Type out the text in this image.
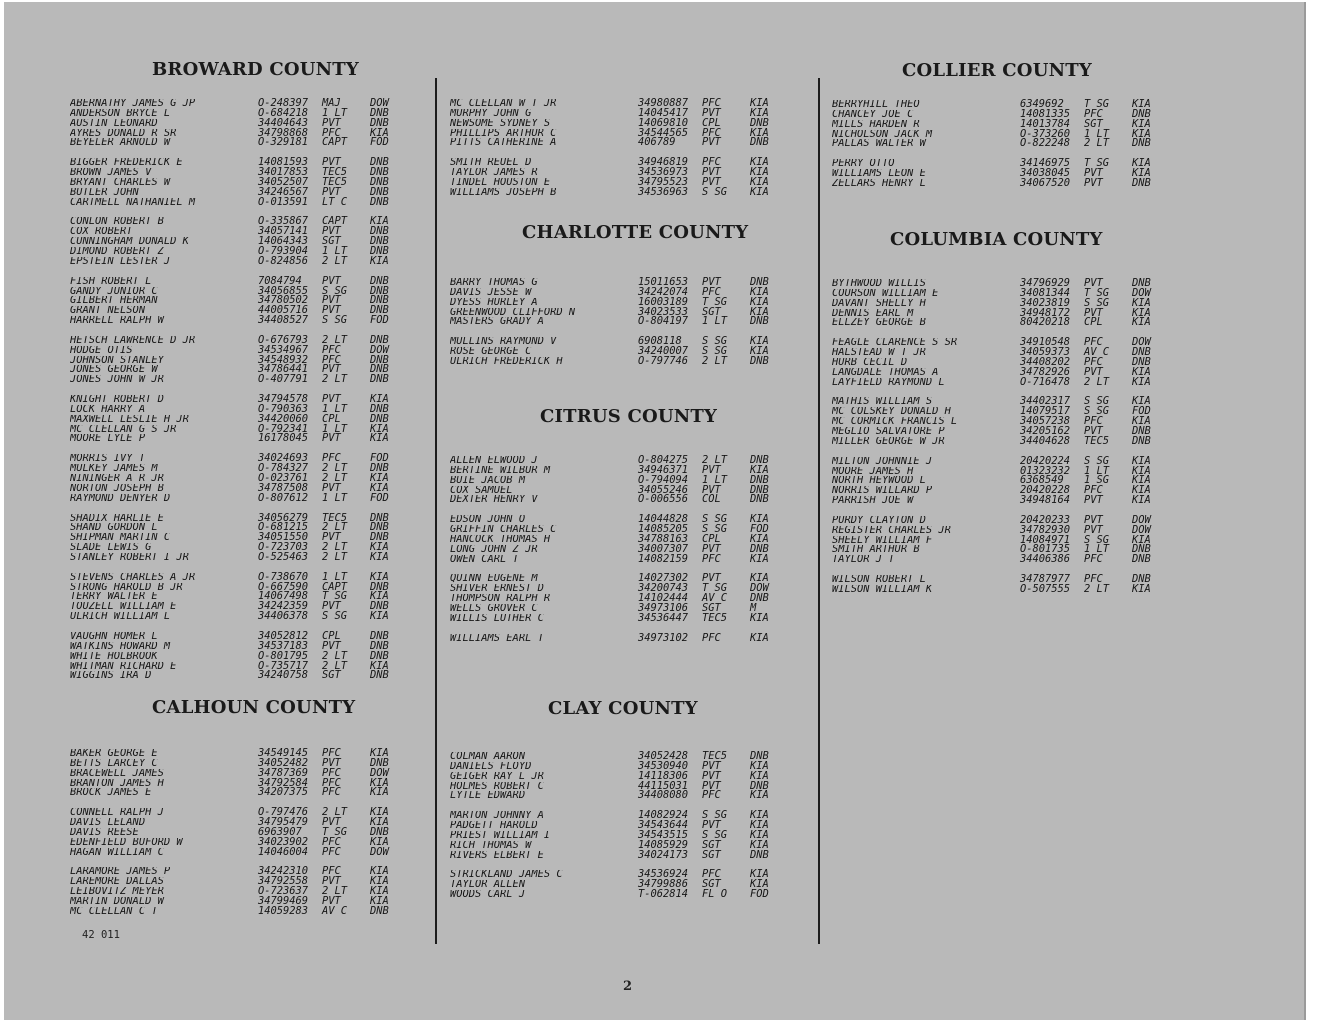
BROWARD COUNTY
ABERNATHY JAMES G JP	O-248397	MAJ	DOW
ANDERSON BRYCE L	O-684218	1 LT	DNB
AUSTIN LEONARD	34404643	PVT	DNB
AYRES DONALD R SR	34798868	PFC	KIA
BEYELER ARNOLD W	O-329181	CAPT	FOD
BIGGER FREDERICK E	14081593	PVT	DNB
BROWN JAMES V	34017853	TEC5	DNB
BRYANT CHARLES W	34052507	TEC5	DNB
BUTLER JOHN	34246567	PVT	DNB
CARTMELL NATHANIEL M	O-013591	LT C	DNB
CONLON ROBERT B	O-335867	CAPT	KIA
COX ROBERT	34057141	PVT	DNB
CUNNINGHAM DONALD K	14064343	SGT	DNB
DIMOND ROBERT Z	O-793904	1 LT	DNB
EPSTEIN LESTER J	O-824856	2 LT	KIA
FISH ROBERT L	7084794	PVT	DNB
GANDY JUNIOR C	34056855	S SG	DNB
GILBERT HERMAN	34780502	PVT	DNB
GRANT NELSON	44005716	PVT	DNB
HARRELL RALPH W	34408527	S SG	FOD
HETSCH LAWRENCE D JR	O-676793	2 LT	DNB
HODGE OTIS	34534967	PFC	DOW
JOHNSON STANLEY	34548932	PFC	DNB
JONES GEORGE W	34786441	PVT	DNB
JONES JOHN W JR	O-407791	2 LT	DNB
KNIGHT ROBERT D	34794578	PVT	KIA
LOCK HARRY A	O-790363	1 LT	DNB
MAXWELL LESLIE H JR	34420060	CPL	DNB
MC CLELLAN G S JR	O-792341	1 LT	KIA
MOORE LYLE P	16178045	PVT	KIA
MORRIS IVY T	34024693	PFC	FOD
MULKEY JAMES M	O-784327	2 LT	DNB
NININGER A R JR	O-023761	2 LT	KIA
NORTON JOSEPH B	34787508	PVT	KIA
RAYMOND DENYER D	O-807612	1 LT	FOD
SHADIX HARLIE E	34056279	TEC5	DNB
SHAND GORDON L	O-681215	2 LT	DNB
SHIPMAN MARTIN C	34051550	PVT	DNB
SLADE LEWIS G	O-723703	2 LT	KIA
STANLEY ROBERT I JR	O-525463	2 LT	KIA
STEVENS CHARLES A JR	O-738670	1 LT	KIA
STRONG HAROLD B JR	O-667590	CAPT	DNB
TERRY WALTER E	14067498	T SG	KIA
TOUZELL WILLIAM E	34242359	PVT	DNB
ULRICH WILLIAM L	34406378	S SG	KIA
VAUGHN HOMER L	34052812	CPL	DNB
WATKINS HOWARD M	34537183	PVT	DNB
WHITE HOLBROOK	O-801795	2 LT	DNB
WHITMAN RICHARD E	O-735717	2 LT	KIA
WIGGINS IRA D	34240758	SGT	DNB
CALHOUN COUNTY
BAKER GEORGE E	34549145	PFC	KIA
BETTS LARCEY C	34052482	PVT	DNB
BRACEWELL JAMES	34787369	PFC	DOW
BRANTON JAMES H	34792584	PFC	KIA
BROCK JAMES E	34207375	PFC	KIA
CONNELL RALPH J	O-797476	2 LT	KIA
DAVIS LELAND	34795479	PVT	KIA
DAVIS REESE	6963907	T SG	DNB
EDENFIELD BUFORD W	34023902	PFC	KIA
HAGAN WILLIAM C	14046004	PFC	DOW
LARAMORE JAMES P	34242310	PFC	KIA
LAREMORE DALLAS	34792558	PVT	KIA
LEIBOVITZ MEYER	O-723637	2 LT	KIA
MARTIN DONALD W	34799469	PVT	KIA
MC CLELLAN C T	14059283	AV C	DNB
42 011
MC CLELLAN W T JR	34980887	PFC	KIA
MURPHY JOHN G	14045417	PVT	KIA
NEWSOME SYDNEY S	14069810	CPL	DNB
PHILLIPS ARTHUR C	34544565	PFC	KIA
PITTS CATHERINE A	406789	PVT	DNB
SMITH REUEL D	34946819	PFC	KIA
TAYLOR JAMES R	34536973	PVT	KIA
TINDEL HOUSTON E	34795523	PVT	KIA
WILLIAMS JOSEPH B	34536963	S SG	KIA
CHARLOTTE COUNTY
BARRY THOMAS G	15011653	PVT	DNB
DAVIS JESSE W	34242074	PFC	KIA
DYESS HURLEY A	16003189	T SG	KIA
GREENWOOD CLIFFORD N	34023533	SGT	KIA
MASTERS GRADY A	O-804197	1 LT	DNB
MULLINS RAYMOND V	6908118	S SG	KIA
ROSE GEORGE C	34240007	S SG	KIA
ULRICH FREDERICK H	O-797746	2 LT	DNB
CITRUS COUNTY
ALLEN ELWOOD J	O-804275	2 LT	DNB
BERTINE WILBUR M	34946371	PVT	KIA
BUIE JACOB M	O-794094	1 LT	DNB
COX SAMUEL	34055246	PVT	DNB
DEXTER HENRY V	O-006556	COL	DNB
EDSON JOHN O	14044828	S SG	KIA
GRIFFIN CHARLES C	14085205	S SG	FOD
HANCOCK THOMAS H	34788163	CPL	KIA
LONG JOHN Z JR	34007307	PVT	DNB
OWEN CARL T	14082159	PFC	KIA
QUINN EUGENE M	14027302	PVT	KIA
SHIVER ERNEST D	34200743	T SG	DOW
THOMPSON RALPH R	14102444	AV C	DNB
WELLS GROVER C	34973106	SGT	M
WILLIS LUTHER C	34536447	TEC5	KIA
WILLIAMS EARL T	34973102	PFC	KIA
CLAY COUNTY
COLMAN AARON	34052428	TEC5	DNB
DANIELS FLOYD	34530940	PVT	KIA
GEIGER RAY L JR	14118306	PVT	KIA
HOLMES ROBERT C	44115031	PVT	DNB
LYTLE EDWARD	34408080	PFC	KIA
MARTON JOHNNY A	14082924	S SG	KIA
PADGETT HAROLD	34543644	PVT	KIA
PRIEST WILLIAM I	34543515	S SG	KIA
RICH THOMAS W	14085929	SGT	KIA
RIVERS ELBERT E	34024173	SGT	DNB
STRICKLAND JAMES C	34536924	PFC	KIA
TAYLOR ALLEN	34799886	SGT	KIA
WOODS CARL J	T-062814	FL O	FOD
2
COLLIER COUNTY
BERRYHILL THEO	6349692	T SG	KIA
CHANCEY JOE C	14081335	PFC	DNB
MILLS HARDEN R	14013784	SGT	KIA
NICHOLSON JACK M	O-373260	1 LT	KIA
PALLAS WALTER W	O-822248	2 LT	DNB
PERRY OTTO	34146975	T SG	KIA
WILLIAMS LEON E	34038045	PVT	KIA
ZELLARS HENRY L	34067520	PVT	DNB
COLUMBIA COUNTY
BYTHWOOD WILLIS	34796929	PVT	DNB
COURSON WILLIAM E	34081344	T SG	DOW
DAVANT SHELLY H	34023819	S SG	KIA
DENNIS EARL M	34948172	PVT	KIA
ELLZEY GEORGE B	80420218	CPL	KIA
FEAGLE CLARENCE S SR	34910548	PFC	DOW
HALSTEAD W T JR	34059373	AV C	DNB
HURB CECIL D	34408202	PFC	DNB
LANGDALE THOMAS A	34782926	PVT	KIA
LAYFIELD RAYMOND L	O-716478	2 LT	KIA
MATHIS WILLIAM S	34402317	S SG	KIA
MC COLSKEY DONALD H	14079517	S SG	FOD
MC CORMICK FRANCIS L	34057238	PFC	KIA
MEGLIO SALVATORE P	34205162	PVT	DNB
MILLER GEORGE W JR	34404628	TEC5	DNB
MILTON JOHNNIE J	20420224	S SG	KIA
MOORE JAMES H	01323232	1 LT	KIA
NORTH HEYWOOD L	6368549	1 SG	KIA
NORRIS WILLARD P	20420228	PFC	KIA
PARRISH JOE W	34948164	PVT	KIA
PURDY CLAYTON D	20420233	PVT	DOW
REGISTER CHARLES JR	34782930	PVT	DOW
SHEELY WILLIAM F	14084971	S SG	KIA
SMITH ARTHUR B	O-801735	1 LT	DNB
TAYLOR J T	34406386	PFC	DNB
WILSON ROBERT L	34787977	PFC	DNB
WILSON WILLIAM K	O-507555	2 LT	KIA
